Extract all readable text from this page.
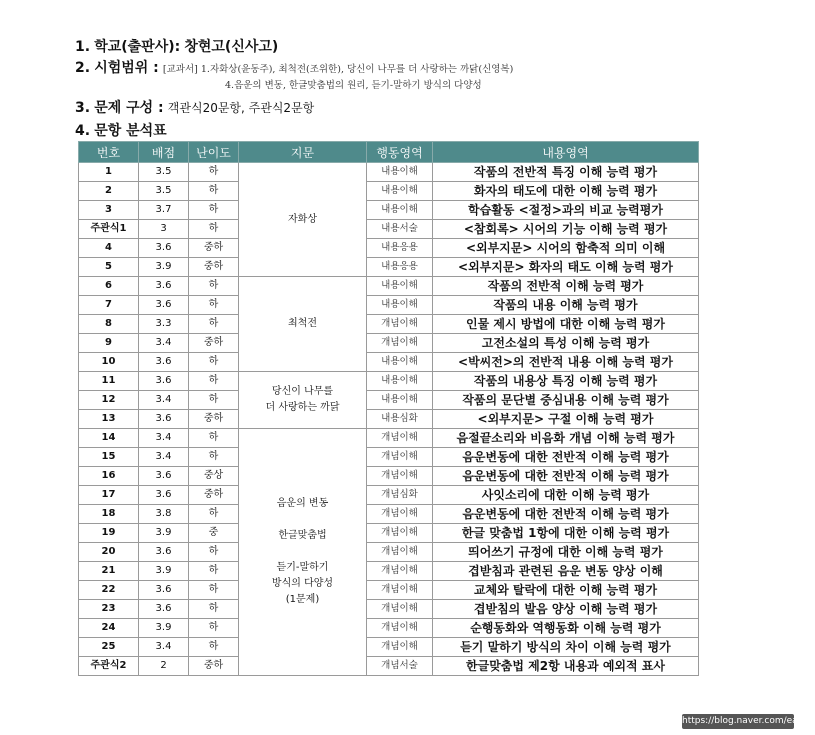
1. 학교(출판사): 창현고(신사고)
2. 시험범위 : [교과서] 1.자화상(윤동주), 최척전(조위한), 당신이 나무를 더 사랑하는 까닭(신영복)
4.음운의 변동, 한글맞춤법의 원리, 듣기-말하기 방식의 다양성
3. 문제 구성 : 객관식20문항, 주관식2문항
4. 문항 분석표
번호	배점	난이도	지문	행동영역	내용영역
1	3.5	하	자화상	내용이해	작품의 전반적 특징 이해 능력 평가
2	3.5	하		내용이해	화자의 태도에 대한 이해 능력 평가
3	3.7	하		내용이해	학습활동 <절정>과의 비교 능력평가
주관식1	3	하		내용서술	<참회록> 시어의 기능 이해 능력 평가
4	3.6	중하		내용응용	<외부지문> 시어의 함축적 의미 이해
5	3.9	중하		내용응용	<외부지문> 화자의 태도 이해 능력 평가
6	3.6	하	최척전	내용이해	작품의 전반적 이해 능력 평가
7	3.6	하		내용이해	작품의 내용 이해 능력 평가
8	3.3	하		개념이해	인물 제시 방법에 대한 이해 능력 평가
9	3.4	중하		개념이해	고전소설의 특성 이해 능력 평가
10	3.6	하		내용이해	<박씨전>의 전반적 내용 이해 능력 평가
11	3.6	하	당신이 나무를
더 사랑하는 까닭	내용이해	작품의 내용상 특징 이해 능력 평가
12	3.4	하		내용이해	작품의 문단별 중심내용 이해 능력 평가
13	3.6	중하		내용심화	<외부지문> 구절 이해 능력 평가
14	3.4	하	음운의 변동

한글맞춤법

듣기-말하기
방식의 다양성
(1문제)	개념이해	음절끝소리와 비음화 개념 이해 능력 평가
15	3.4	하		개념이해	음운변동에 대한 전반적 이해 능력 평가
16	3.6	중상		개념이해	음운변동에 대한 전반적 이해 능력 평가
17	3.6	중하		개념심화	사잇소리에 대한 이해 능력 평가
18	3.8	하		개념이해	음운변동에 대한 전반적 이해 능력 평가
19	3.9	중		개념이해	한글 맞춤법 1항에 대한 이해 능력 평가
20	3.6	하		개념이해	띄어쓰기 규정에 대한 이해 능력 평가
21	3.9	하		개념이해	겹받침과 관련된 음운 변동 양상 이해
22	3.6	하		개념이해	교체와 탈락에 대한 이해 능력 평가
23	3.6	하		개념이해	겹받침의 발음 양상 이해 능력 평가
24	3.9	하		개념이해	순행동화와 역행동화 이해 능력 평가
25	3.4	하		개념이해	듣기 말하기 방식의 차이 이해 능력 평가
주관식2	2	중하		개념서술	한글맞춤법 제2항 내용과 예외적 표사
https://blog.naver.com/ean4u
